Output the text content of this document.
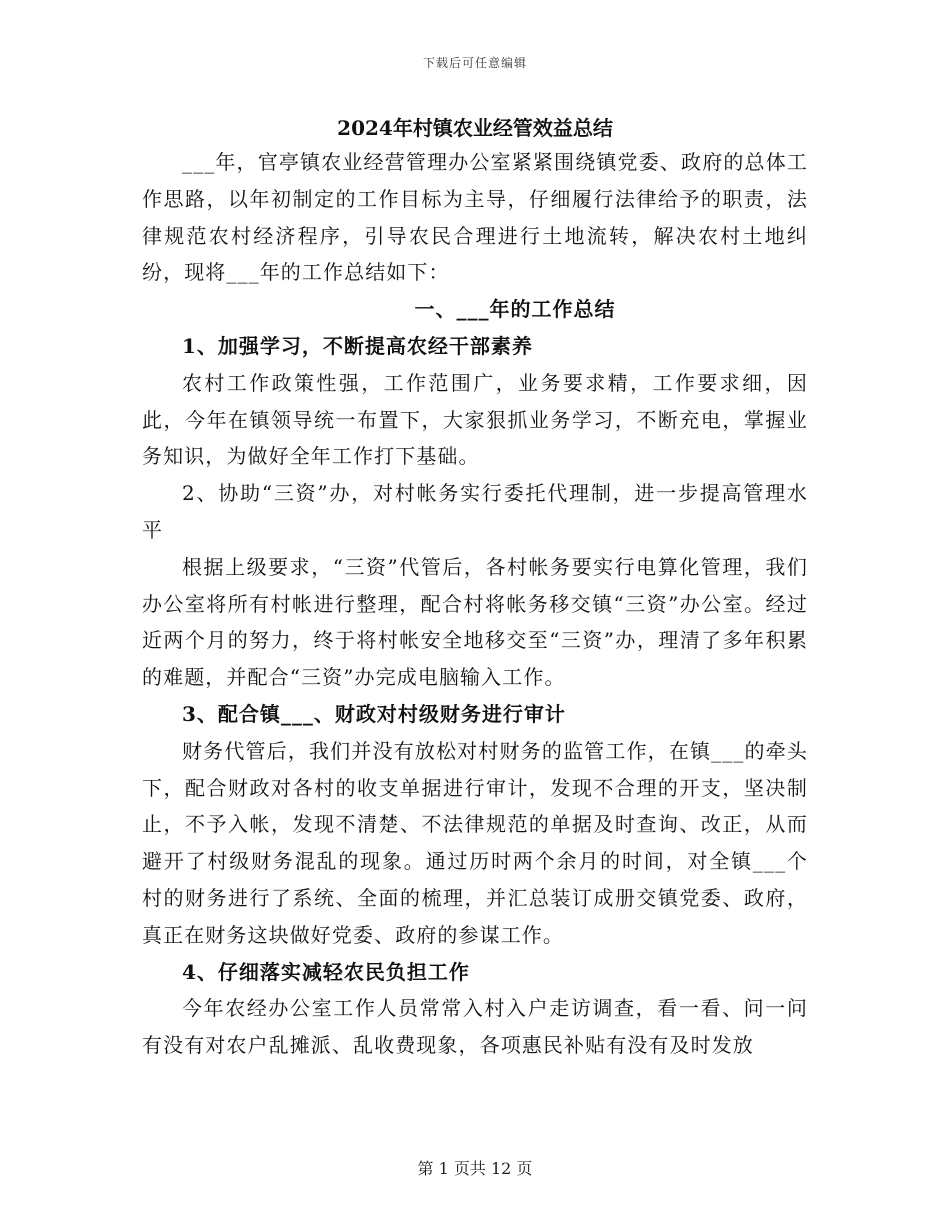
下载后可任意编辑
2024年村镇农业经管效益总结

___年，官亭镇农业经营管理办公室紧紧围绕镇党委、政府的总体工作思路，以年初制定的工作目标为主导，仔细履行法律给予的职责，法律规范农村经济程序，引导农民合理进行土地流转，解决农村土地纠纷，现将___年的工作总结如下：

一、___年的工作总结

1、加强学习，不断提高农经干部素养

农村工作政策性强，工作范围广，业务要求精，工作要求细，因此，今年在镇领导统一布置下，大家狠抓业务学习，不断充电，掌握业务知识，为做好全年工作打下基础。

2、协助“三资”办，对村帐务实行委托代理制，进一步提高管理水平

根据上级要求，“三资”代管后，各村帐务要实行电算化管理，我们办公室将所有村帐进行整理，配合村将帐务移交镇“三资”办公室。经过近两个月的努力，终于将村帐安全地移交至“三资”办，理清了多年积累的难题，并配合“三资”办完成电脑输入工作。

3、配合镇___、财政对村级财务进行审计

财务代管后，我们并没有放松对村财务的监管工作，在镇___的牵头下，配合财政对各村的收支单据进行审计，发现不合理的开支，坚决制止，不予入帐，发现不清楚、不法律规范的单据及时查询、改正，从而避开了村级财务混乱的现象。通过历时两个余月的时间，对全镇___个村的财务进行了系统、全面的梳理，并汇总装订成册交镇党委、政府，真正在财务这块做好党委、政府的参谋工作。

4、仔细落实减轻农民负担工作

今年农经办公室工作人员常常入村入户走访调查，看一看、问一问有没有对农户乱摊派、乱收费现象，各项惠民补贴有没有及时发放

第 1 页共 12 页
